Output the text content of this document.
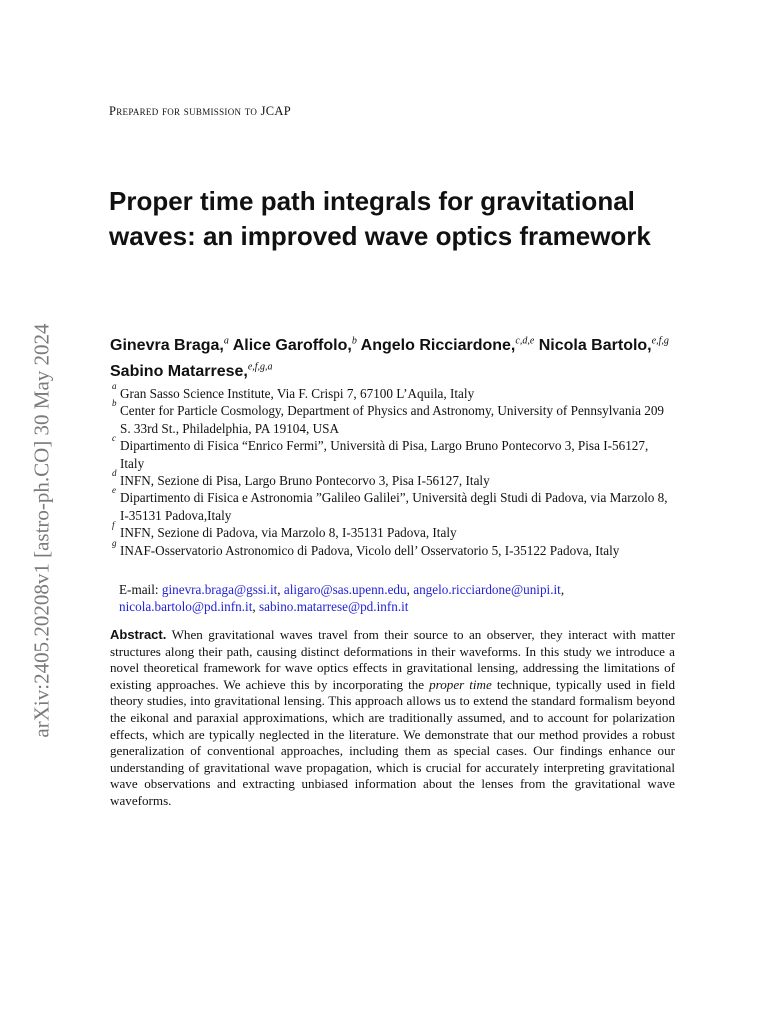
arXiv:2405.20208v1 [astro-ph.CO] 30 May 2024
Prepared for submission to JCAP
Proper time path integrals for gravitational waves: an improved wave optics framework
Ginevra Braga,$^a$ Alice Garoffolo,$^b$ Angelo Ricciardone,$^{c,d,e}$ Nicola Bartolo,$^{e,f,g}$ Sabino Matarrese,$^{e,f,g,a}$

a Gran Sasso Science Institute, Via F. Crispi 7, 67100 L’Aquila, Italy

b Center for Particle Cosmology, Department of Physics and Astronomy, University of Pennsylvania 209 S. 33rd St., Philadelphia, PA 19104, USA

c Dipartimento di Fisica “Enrico Fermi”, Università di Pisa, Largo Bruno Pontecorvo 3, Pisa I-56127, Italy

d INFN, Sezione di Pisa, Largo Bruno Pontecorvo 3, Pisa I-56127, Italy

e Dipartimento di Fisica e Astronomia ”Galileo Galilei”, Università degli Studi di Padova, via Marzolo 8, I-35131 Padova,Italy

f INFN, Sezione di Padova, via Marzolo 8, I-35131 Padova, Italy

g INAF-Osservatorio Astronomico di Padova, Vicolo dell’ Osservatorio 5, I-35122 Padova, Italy

E-mail: ginevra.braga@gssi.it, aligaro@sas.upenn.edu, angelo.ricciardone@unipi.it,
nicola.bartolo@pd.infn.it, sabino.matarrese@pd.infn.it

Abstract. When gravitational waves travel from their source to an observer, they interact with matter structures along their path, causing distinct deformations in their waveforms. In this study we introduce a novel theoretical framework for wave optics effects in gravitational lensing, addressing the limitations of existing approaches. We achieve this by incorporating the proper time technique, typically used in field theory studies, into gravitational lensing. This approach allows us to extend the standard formalism beyond the eikonal and paraxial approximations, which are traditionally assumed, and to account for polarization effects, which are typically neglected in the literature. We demonstrate that our method provides a robust generalization of conventional approaches, including them as special cases. Our findings enhance our understanding of gravitational wave propagation, which is crucial for accurately interpreting gravitational wave observations and extracting unbiased information about the lenses from the gravitational wave waveforms.
